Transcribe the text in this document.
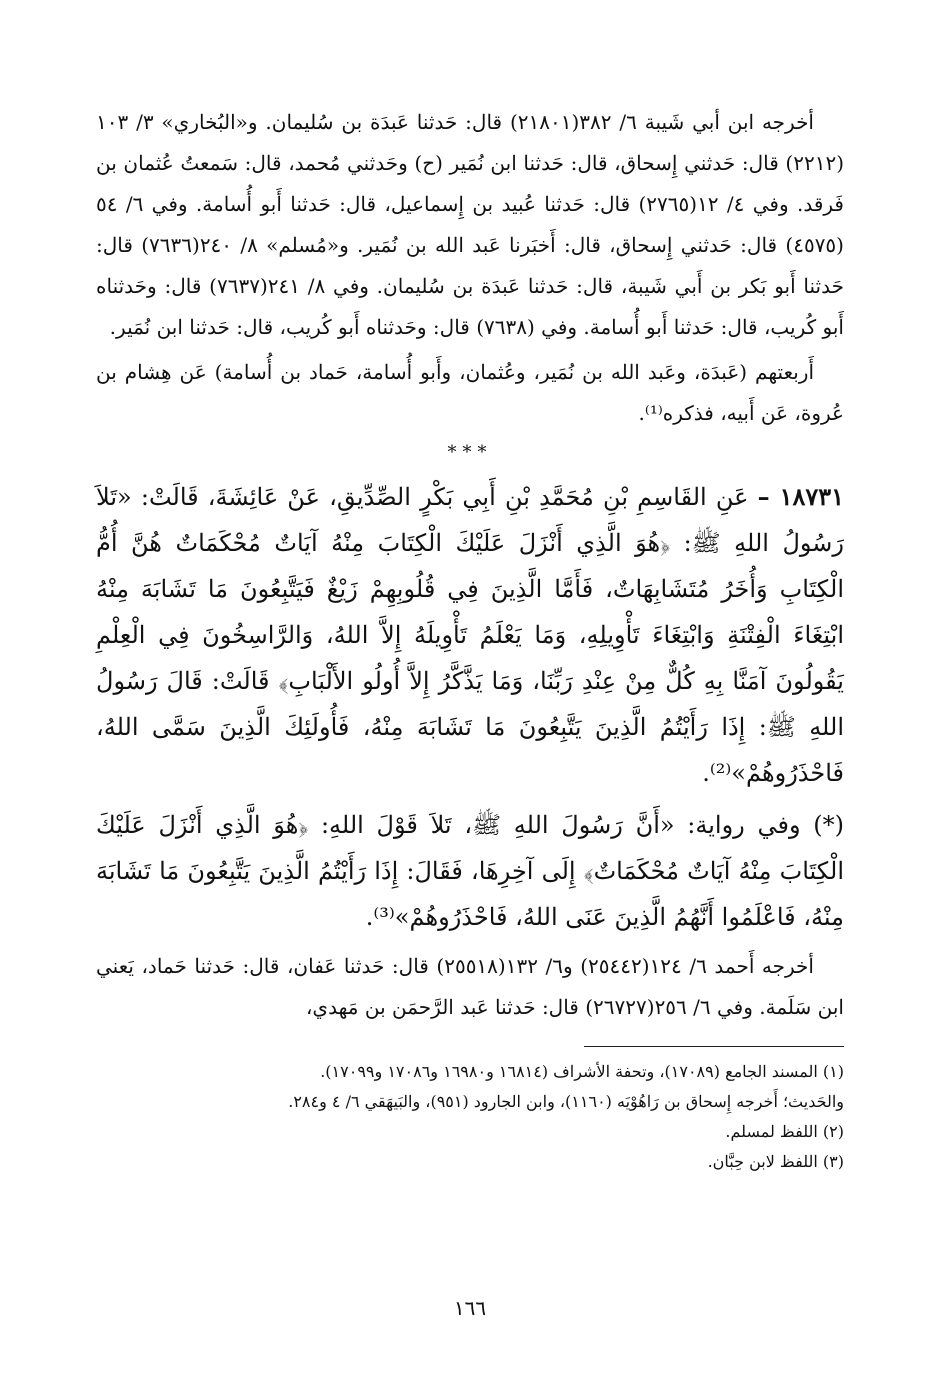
أخرجه ابن أبي شَيبة ٦/ ٣٨٢(٢١٨٠١) قال: حَدثنا عَبدَة بن سُليمان. و«البُخاري» ٣/ ١٠٣ (٢٢١٢) قال: حَدثني إِسحاق، قال: حَدثنا ابن نُمَير (ح) وحَدثني مُحمد، قال: سَمعتُ عُثمان بن فَرقد. وفي ٤/ ١٢(٢٧٦٥) قال: حَدثنا عُبيد بن إِسماعيل، قال: حَدثنا أَبو أُسامة. وفي ٦/ ٥٤ (٤٥٧٥) قال: حَدثني إِسحاق، قال: أَخبَرنا عَبد الله بن نُمَير. و«مُسلم» ٨/ ٢٤٠(٧٦٣٦) قال: حَدثنا أَبو بَكر بن أَبي شَيبة، قال: حَدثنا عَبدَة بن سُليمان. وفي ٨/ ٢٤١(٧٦٣٧) قال: وحَدثناه أَبو كُريب، قال: حَدثنا أَبو أُسامة. وفي (٧٦٣٨) قال: وحَدثناه أَبو كُريب، قال: حَدثنا ابن نُمَير.

أَربعتهم (عَبدَة، وعَبد الله بن نُمَير، وعُثمان، وأَبو أُسامة، حَماد بن أُسامة) عَن هِشام بن عُروة، عَن أَبيه، فذكره⁽¹⁾.

***

١٨٧٣١ – عَنِ القَاسِمِ بْنِ مُحَمَّدِ بْنِ أَبِي بَكْرٍ الصِّدِّيقِ، عَنْ عَائِشَةَ، قَالَتْ: «تَلاَ رَسُولُ اللهِ ﷺ: ﴿هُوَ الَّذِي أَنْزَلَ عَلَيْكَ الْكِتَابَ مِنْهُ آيَاتٌ مُحْكَمَاتٌ هُنَّ أُمُّ الْكِتَابِ وَأُخَرُ مُتَشَابِهَاتٌ، فَأَمَّا الَّذِينَ فِي قُلُوبِهِمْ زَيْغٌ فَيَتَّبِعُونَ مَا تَشَابَهَ مِنْهُ ابْتِغَاءَ الْفِتْنَةِ وَابْتِغَاءَ تَأْوِيلِهِ، وَمَا يَعْلَمُ تَأْوِيلَهُ إِلاَّ اللهُ، وَالرَّاسِخُونَ فِي الْعِلْمِ يَقُولُونَ آمَنَّا بِهِ كُلٌّ مِنْ عِنْدِ رَبِّنَا، وَمَا يَذَّكَّرُ إِلاَّ أُولُو الأَلْبَابِ﴾ قَالَتْ: قَالَ رَسُولُ اللهِ ﷺ: إِذَا رَأَيْتُمُ الَّذِينَ يَتَّبِعُونَ مَا تَشَابَهَ مِنْهُ، فَأُولَئِكَ الَّذِينَ سَمَّى اللهُ، فَاحْذَرُوهُمْ»⁽²⁾.

(*) وفي رواية: «أَنَّ رَسُولَ اللهِ ﷺ، تَلاَ قَوْلَ اللهِ: ﴿هُوَ الَّذِي أَنْزَلَ عَلَيْكَ الْكِتَابَ مِنْهُ آيَاتٌ مُحْكَمَاتٌ﴾ إِلَى آخِرِهَا، فَقَالَ: إِذَا رَأَيْتُمُ الَّذِينَ يَتَّبِعُونَ مَا تَشَابَهَ مِنْهُ، فَاعْلَمُوا أَنَّهُمُ الَّذِينَ عَنَى اللهُ، فَاحْذَرُوهُمْ»⁽³⁾.

أخرجه أَحمد ٦/ ١٢٤(٢٥٤٤٢) و٦/ ١٣٢(٢٥٥١٨) قال: حَدثنا عَفان، قال: حَدثنا حَماد، يَعني ابن سَلَمة. وفي ٦/ ٢٥٦(٢٦٧٢٧) قال: حَدثنا عَبد الرَّحمَن بن مَهدي،

(١) المسند الجامع (١٧٠٨٩)، وتحفة الأشراف (١٦٨١٤ و١٦٩٨٠ و١٧٠٨٦ و١٧٠٩٩).

والحَديث؛ أَخرجه إِسحاق بن رَاهُوْيَه (١١٦٠)، وابن الجارود (٩٥١)، والبَيهَقي ٦/ ٤ و٢٨٤.

(٢) اللفظ لمسلم.

(٣) اللفظ لابن حِبَّان.

١٦٦
